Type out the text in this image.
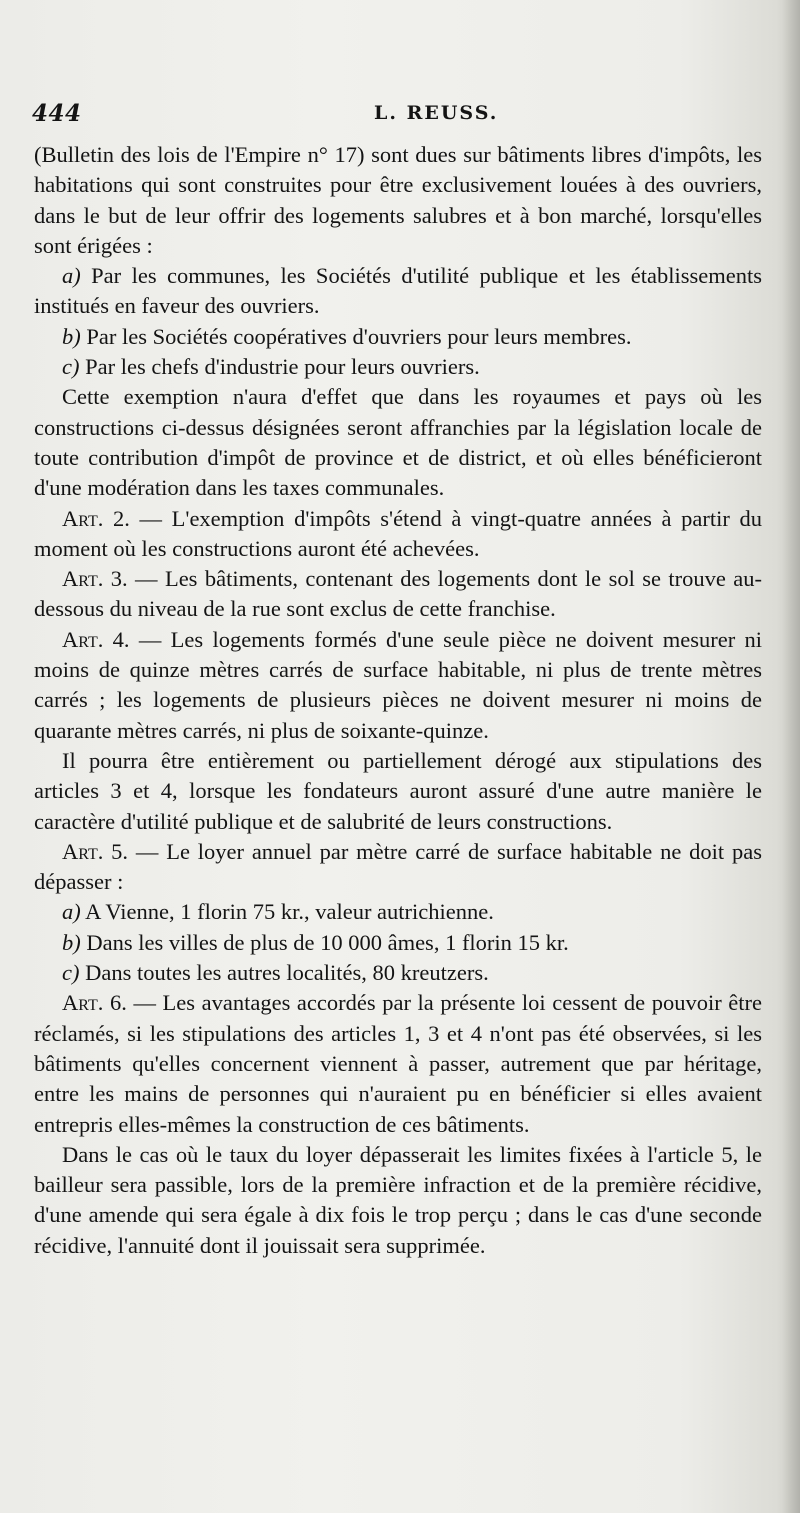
444	L. REUSS.

(Bulletin des lois de l'Empire n° 17) sont dues sur bâtiments libres d'impôts, les habitations qui sont construites pour être exclusivement louées à des ouvriers, dans le but de leur offrir des logements salubres et à bon marché, lorsqu'elles sont érigées :

a) Par les communes, les Sociétés d'utilité publique et les établissements institués en faveur des ouvriers.

b) Par les Sociétés coopératives d'ouvriers pour leurs membres.

c) Par les chefs d'industrie pour leurs ouvriers.

Cette exemption n'aura d'effet que dans les royaumes et pays où les constructions ci-dessus désignées seront affranchies par la législation locale de toute contribution d'impôt de province et de district, et où elles bénéficieront d'une modération dans les taxes communales.

Art. 2. — L'exemption d'impôts s'étend à vingt-quatre années à partir du moment où les constructions auront été achevées.

Art. 3. — Les bâtiments, contenant des logements dont le sol se trouve au-dessous du niveau de la rue sont exclus de cette franchise.

Art. 4. — Les logements formés d'une seule pièce ne doivent mesurer ni moins de quinze mètres carrés de surface habitable, ni plus de trente mètres carrés ; les logements de plusieurs pièces ne doivent mesurer ni moins de quarante mètres carrés, ni plus de soixante-quinze.

Il pourra être entièrement ou partiellement dérogé aux stipulations des articles 3 et 4, lorsque les fondateurs auront assuré d'une autre manière le caractère d'utilité publique et de salubrité de leurs constructions.

Art. 5. — Le loyer annuel par mètre carré de surface habitable ne doit pas dépasser :

a) A Vienne, 1 florin 75 kr., valeur autrichienne.

b) Dans les villes de plus de 10 000 âmes, 1 florin 15 kr.

c) Dans toutes les autres localités, 80 kreutzers.

Art. 6. — Les avantages accordés par la présente loi cessent de pouvoir être réclamés, si les stipulations des articles 1, 3 et 4 n'ont pas été observées, si les bâtiments qu'elles concernent viennent à passer, autrement que par héritage, entre les mains de personnes qui n'auraient pu en bénéficier si elles avaient entrepris elles-mêmes la construction de ces bâtiments.

Dans le cas où le taux du loyer dépasserait les limites fixées à l'article 5, le bailleur sera passible, lors de la première infraction et de la première récidive, d'une amende qui sera égale à dix fois le trop perçu ; dans le cas d'une seconde récidive, l'annuité dont il jouissait sera supprimée.
